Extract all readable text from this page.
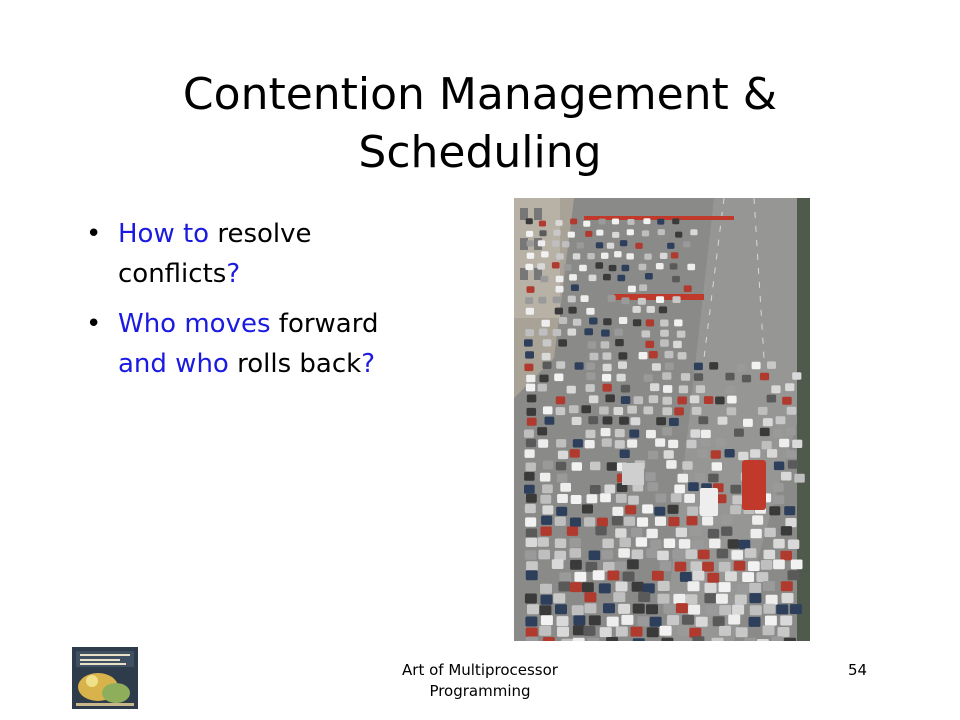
Contention Management &
Scheduling
• How to resolve conflicts?
• Who moves forward and who rolls back?
Art of Multiprocessor Programming
54
